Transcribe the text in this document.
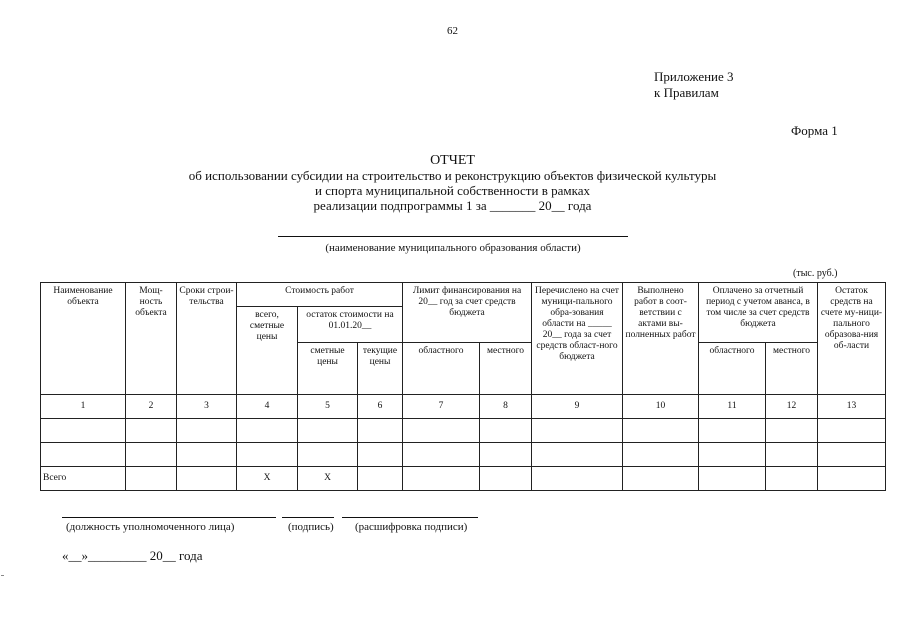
62
Приложение 3
к Правилам
Форма 1
ОТЧЕТ
об использовании субсидии на строительство и реконструкцию объектов физической культуры
и спорта муниципальной собственности в рамках
реализации подпрограммы 1 за _______ 20__ года
(наименование муниципального образования области)
(тыс. руб.)
Наименование объекта	Мощ-ность объекта	Сроки строи-тельства	Стоимость работ			Лимит финансирования на 20__ год за счет средств бюджета		Перечислено на счет муници-пального обра-зования области на _____ 20__ года за счет средств област-ного бюджета	Выполнено работ в соот-ветствии с актами вы-полненных работ	Оплачено за отчетный период с учетом аванса, в том числе за счет средств бюджета		Остаток средств на счете му-ници-пального образова-ния об-ласти
			всего, сметные цены	остаток стоимости на 01.01.20__								
				сметные цены	текущие цены	областного	местного			областного	местного	
1	2	3	4	5	6	7	8	9	10	11	12	13

Всего			Х	Х								
(должность уполномоченного лица)	(подпись) (расшифровка подписи)
«__»_________ 20__ года
